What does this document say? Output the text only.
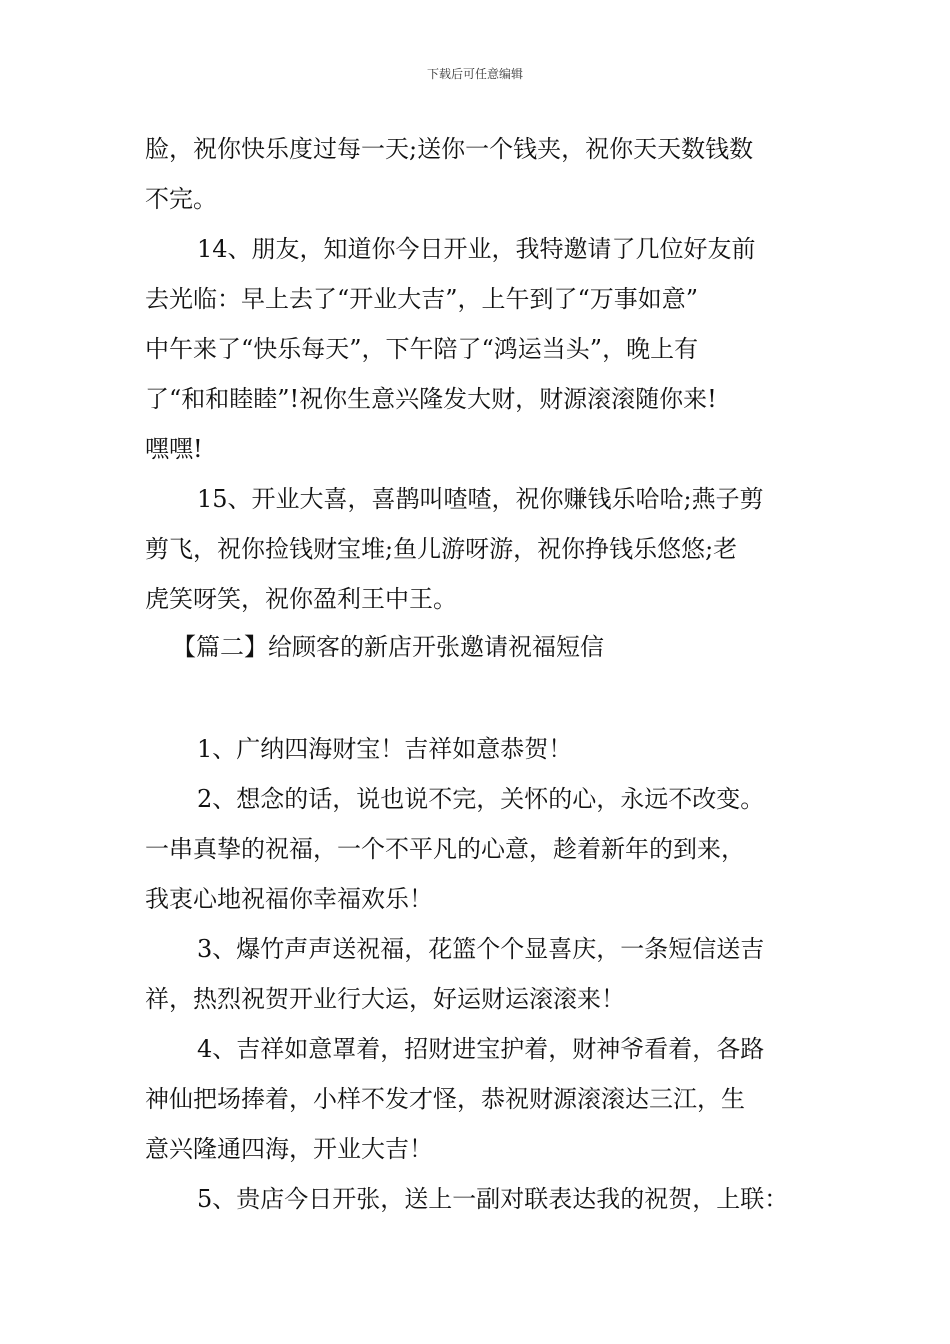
下载后可任意编辑
脸，祝你快乐度过每一天;送你一个钱夹，祝你天天数钱数
不完。
14、朋友，知道你今日开业，我特邀请了几位好友前
去光临：早上去了“开业大吉”，上午到了“万事如意”
中午来了“快乐每天”，下午陪了“鸿运当头”，晚上有
了“和和睦睦”!祝你生意兴隆发大财，财源滚滚随你来!
嘿嘿!
15、开业大喜，喜鹊叫喳喳，祝你赚钱乐哈哈;燕子剪
剪飞，祝你捡钱财宝堆;鱼儿游呀游，祝你挣钱乐悠悠;老
虎笑呀笑，祝你盈利王中王。
【篇二】给顾客的新店开张邀请祝福短信
1、广纳四海财宝！吉祥如意恭贺！
2、想念的话，说也说不完，关怀的心，永远不改变。
一串真挚的祝福，一个不平凡的心意，趁着新年的到来，
我衷心地祝福你幸福欢乐！
3、爆竹声声送祝福，花篮个个显喜庆，一条短信送吉
祥，热烈祝贺开业行大运，好运财运滚滚来！
4、吉祥如意罩着，招财进宝护着，财神爷看着，各路
神仙把场捧着，小样不发才怪，恭祝财源滚滚达三江，生
意兴隆通四海，开业大吉！
5、贵店今日开张，送上一副对联表达我的祝贺，上联：
